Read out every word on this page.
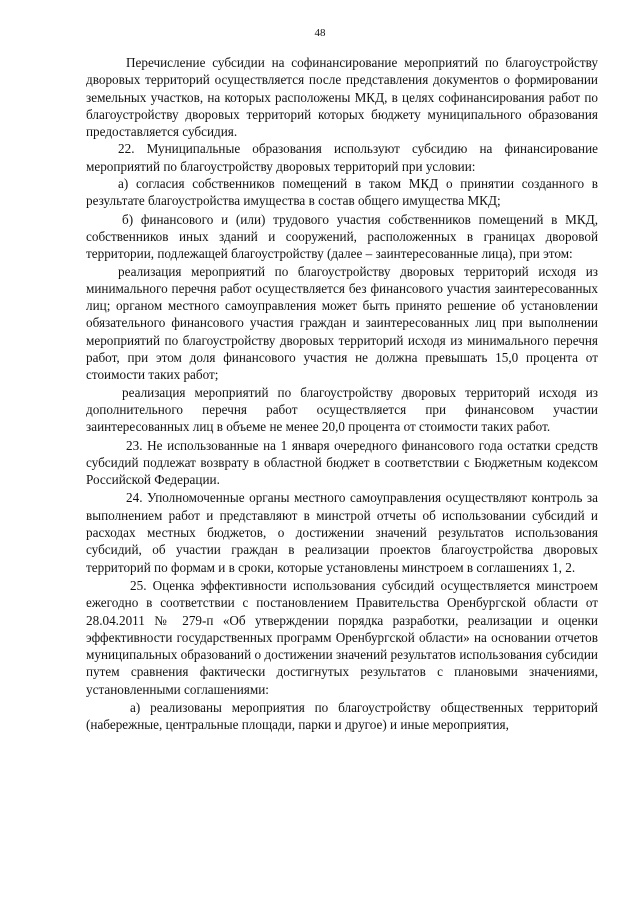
48

Перечисление субсидии на софинансирование мероприятий по благоустройству дворовых территорий осуществляется после представления документов о формировании земельных участков, на которых расположены МКД, в целях софинансирования работ по благоустройству дворовых территорий которых бюджету муниципального образования предоставляется субсидия.

22. Муниципальные образования используют субсидию на финансирование мероприятий по благоустройству дворовых территорий при условии:

а) согласия собственников помещений в таком МКД о принятии созданного в результате благоустройства имущества в состав общего имущества МКД;

б) финансового и (или) трудового участия собственников помещений в МКД, собственников иных зданий и сооружений, расположенных в границах дворовой территории, подлежащей благоустройству (далее – заинтересованные лица), при этом:

реализация мероприятий по благоустройству дворовых территорий исходя из минимального перечня работ осуществляется без финансового участия заинтересованных лиц; органом местного самоуправления может быть принято решение об установлении обязательного финансового участия граждан и заинтересованных лиц при выполнении мероприятий по благоустройству дворовых территорий исходя из минимального перечня работ, при этом доля финансового участия не должна превышать 15,0 процента от стоимости таких работ;

реализация мероприятий по благоустройству дворовых территорий исходя из дополнительного перечня работ осуществляется при финансовом участии заинтересованных лиц в объеме не менее 20,0 процента от стоимости таких работ.

23. Не использованные на 1 января очередного финансового года остатки средств субсидий подлежат возврату в областной бюджет в соответствии с Бюджетным кодексом Российской Федерации.

24. Уполномоченные органы местного самоуправления осуществляют контроль за выполнением работ и представляют в минстрой отчеты об использовании субсидий и расходах местных бюджетов, о достижении значений результатов использования субсидий, об участии граждан в реализации проектов благоустройства дворовых территорий по формам и в сроки, которые установлены минстроем в соглашениях 1, 2.

25. Оценка эффективности использования субсидий осуществляется минстроем ежегодно в соответствии с постановлением Правительства Оренбургской области от 28.04.2011 № 279-п «Об утверждении порядка разработки, реализации и оценки эффективности государственных программ Оренбургской области» на основании отчетов муниципальных образований о достижении значений результатов использования субсидии путем сравнения фактически достигнутых результатов с плановыми значениями, установленными соглашениями:

а) реализованы мероприятия по благоустройству общественных территорий (набережные, центральные площади, парки и другое) и иные мероприятия,
